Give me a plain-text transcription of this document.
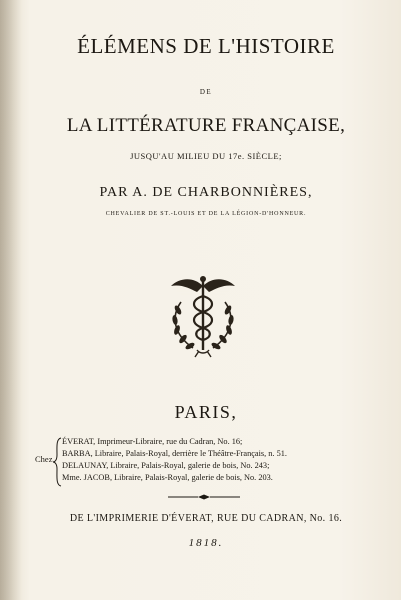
ÉLÉMENS DE L'HISTOIRE
DE
LA LITTÉRATURE FRANÇAISE,
JUSQU'AU MILIEU DU 17e. SIÈCLE;
PAR A. DE CHARBONNIÈRES,
CHEVALIER DE ST.-LOUIS ET DE LA LÉGION-D'HONNEUR.
PARIS,
Chez
ÉVERAT, Imprimeur-Libraire, rue du Cadran, No. 16;
BARBA, Libraire, Palais-Royal, derrière le Théâtre-Français, n. 51.
DELAUNAY, Libraire, Palais-Royal, galerie de bois, No. 243;
Mme. JACOB, Libraire, Palais-Royal, galerie de bois, No. 203.
DE L'IMPRIMERIE D'ÉVERAT, RUE DU CADRAN, No. 16.
1818.
